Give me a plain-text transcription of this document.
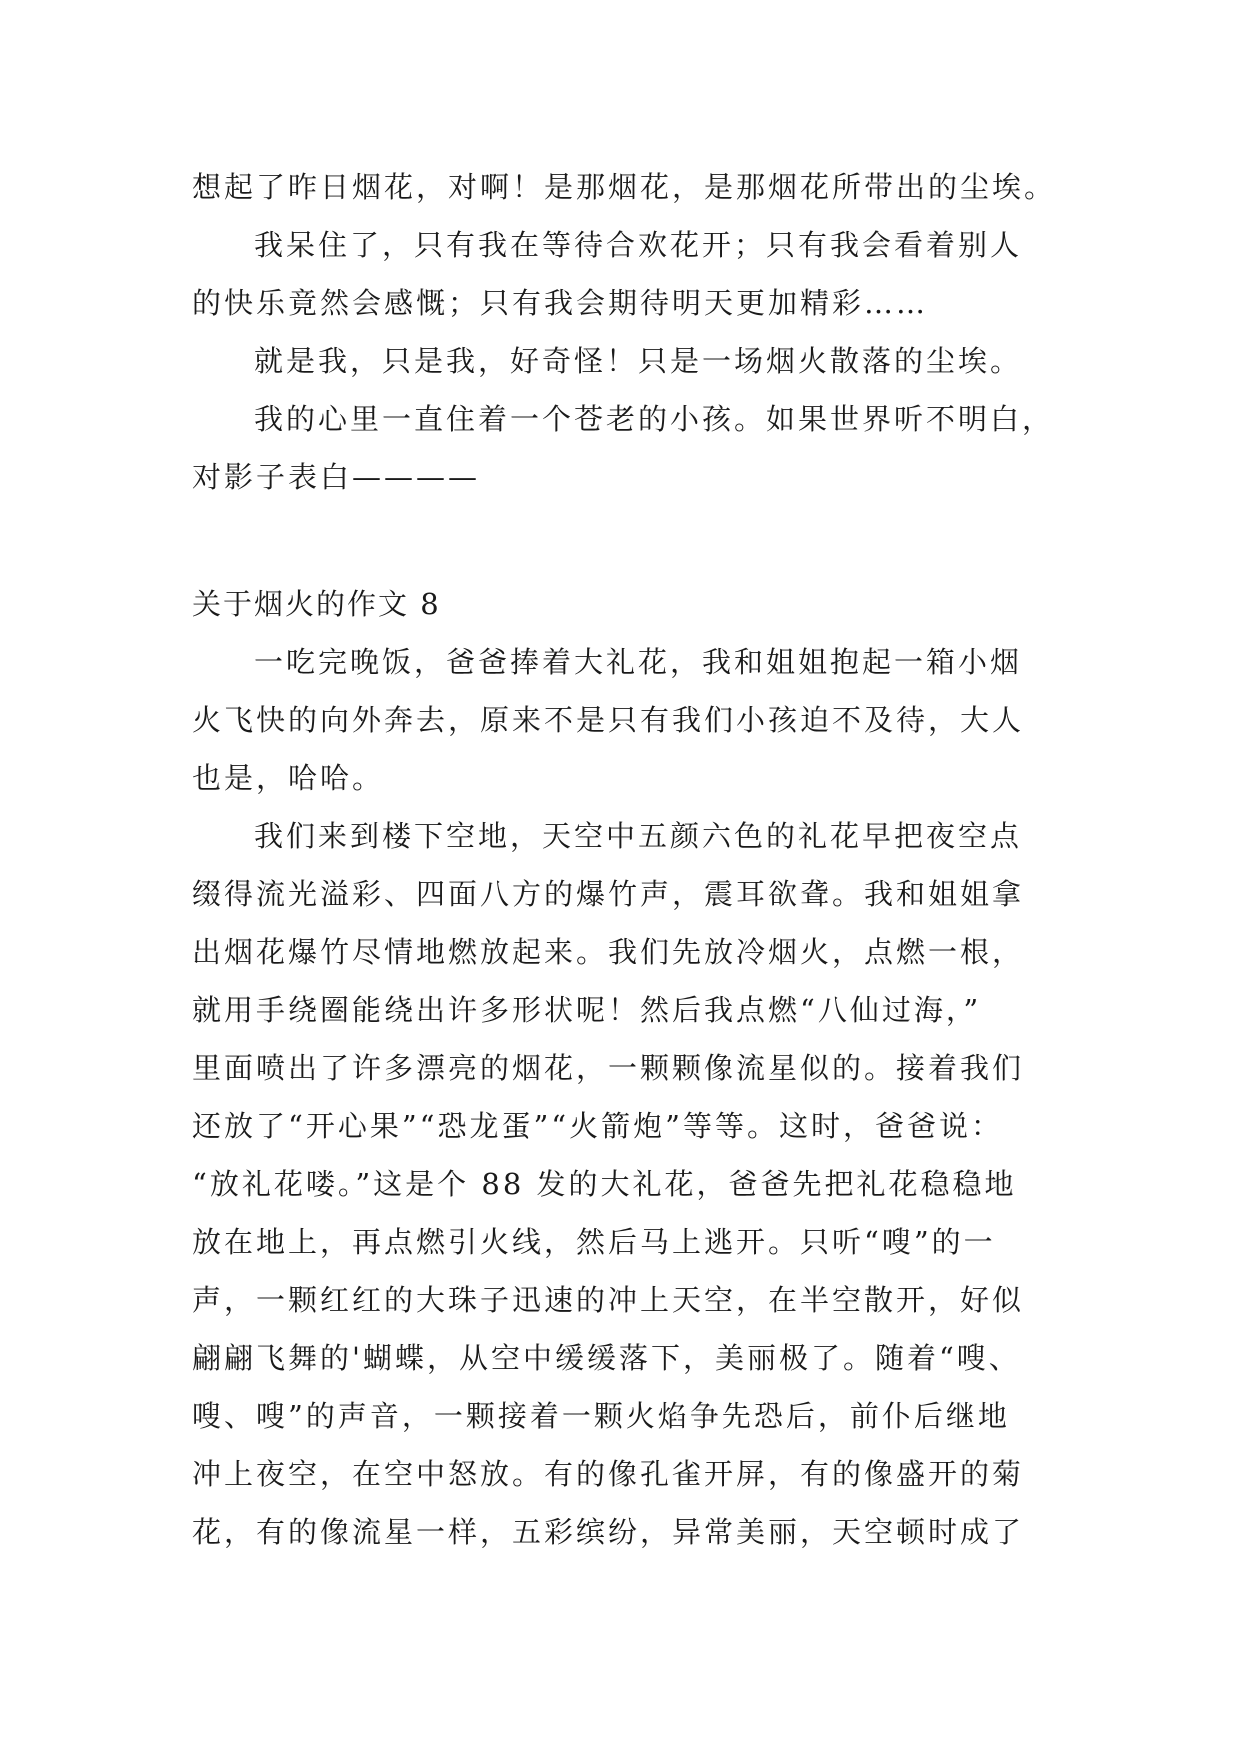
想起了昨日烟花，对啊！是那烟花，是那烟花所带出的尘埃。

我呆住了，只有我在等待合欢花开；只有我会看着别人
的快乐竟然会感慨；只有我会期待明天更加精彩……

就是我，只是我，好奇怪！只是一场烟火散落的尘埃。

我的心里一直住着一个苍老的小孩。如果世界听不明白，
对影子表白————

关于烟火的作文 8

一吃完晚饭，爸爸捧着大礼花，我和姐姐抱起一箱小烟
火飞快的向外奔去，原来不是只有我们小孩迫不及待，大人
也是，哈哈。

我们来到楼下空地，天空中五颜六色的礼花早把夜空点
缀得流光溢彩、四面八方的爆竹声，震耳欲聋。我和姐姐拿
出烟花爆竹尽情地燃放起来。我们先放冷烟火，点燃一根，
就用手绕圈能绕出许多形状呢！然后我点燃“八仙过海，”
里面喷出了许多漂亮的烟花，一颗颗像流星似的。接着我们
还放了“开心果”“恐龙蛋”“火箭炮”等等。这时，爸爸说：
“放礼花喽。”这是个 88 发的大礼花，爸爸先把礼花稳稳地
放在地上，再点燃引火线，然后马上逃开。只听“嗖”的一
声，一颗红红的大珠子迅速的冲上天空，在半空散开，好似
翩翩飞舞的'蝴蝶，从空中缓缓落下，美丽极了。随着“嗖、
嗖、嗖”的声音，一颗接着一颗火焰争先恐后，前仆后继地
冲上夜空，在空中怒放。有的像孔雀开屏，有的像盛开的菊
花，有的像流星一样，五彩缤纷，异常美丽，天空顿时成了
